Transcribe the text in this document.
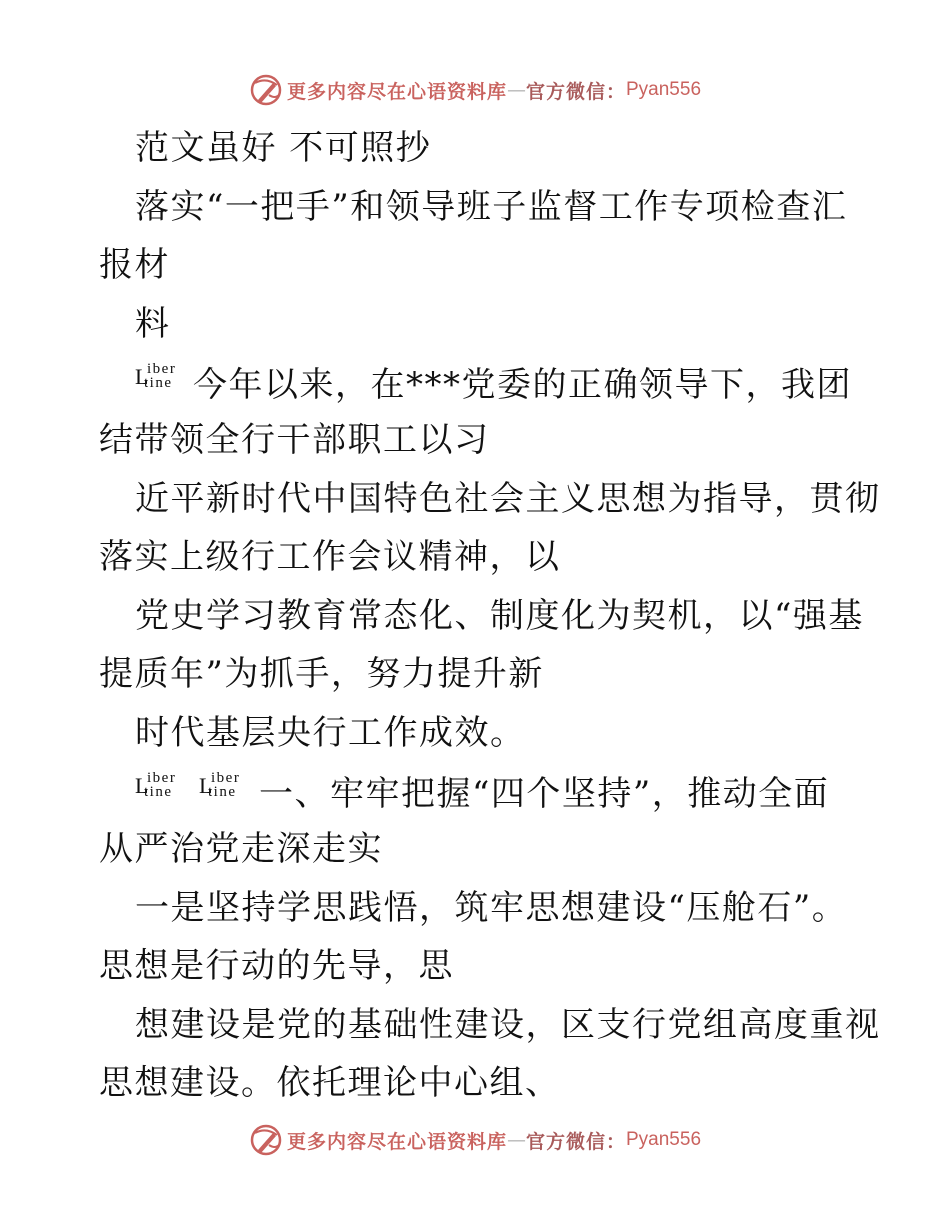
更多内容尽在心语资料库 — 官方微信： Pyan556
范文虽好 不可照抄
落实“一把手”和领导班子监督工作专项检查汇
报材
料
L
iber
tine 今年以来，在***党委的正确领导下，我团
结带领全行干部职工以习
近平新时代中国特色社会主义思想为指导，贯彻
落实上级行工作会议精神，以
党史学习教育常态化、制度化为契机，以“强基
提质年”为抓手，努力提升新
时代基层央行工作成效。
L
iber
tine L
iber
tine 一、牢牢把握“四个坚持”，推动全面
从严治党走深走实
一是坚持学思践悟，筑牢思想建设“压舱石”。
思想是行动的先导，思
想建设是党的基础性建设，区支行党组高度重视
思想建设。依托理论中心组、
更多内容尽在心语资料库 — 官方微信： Pyan556
